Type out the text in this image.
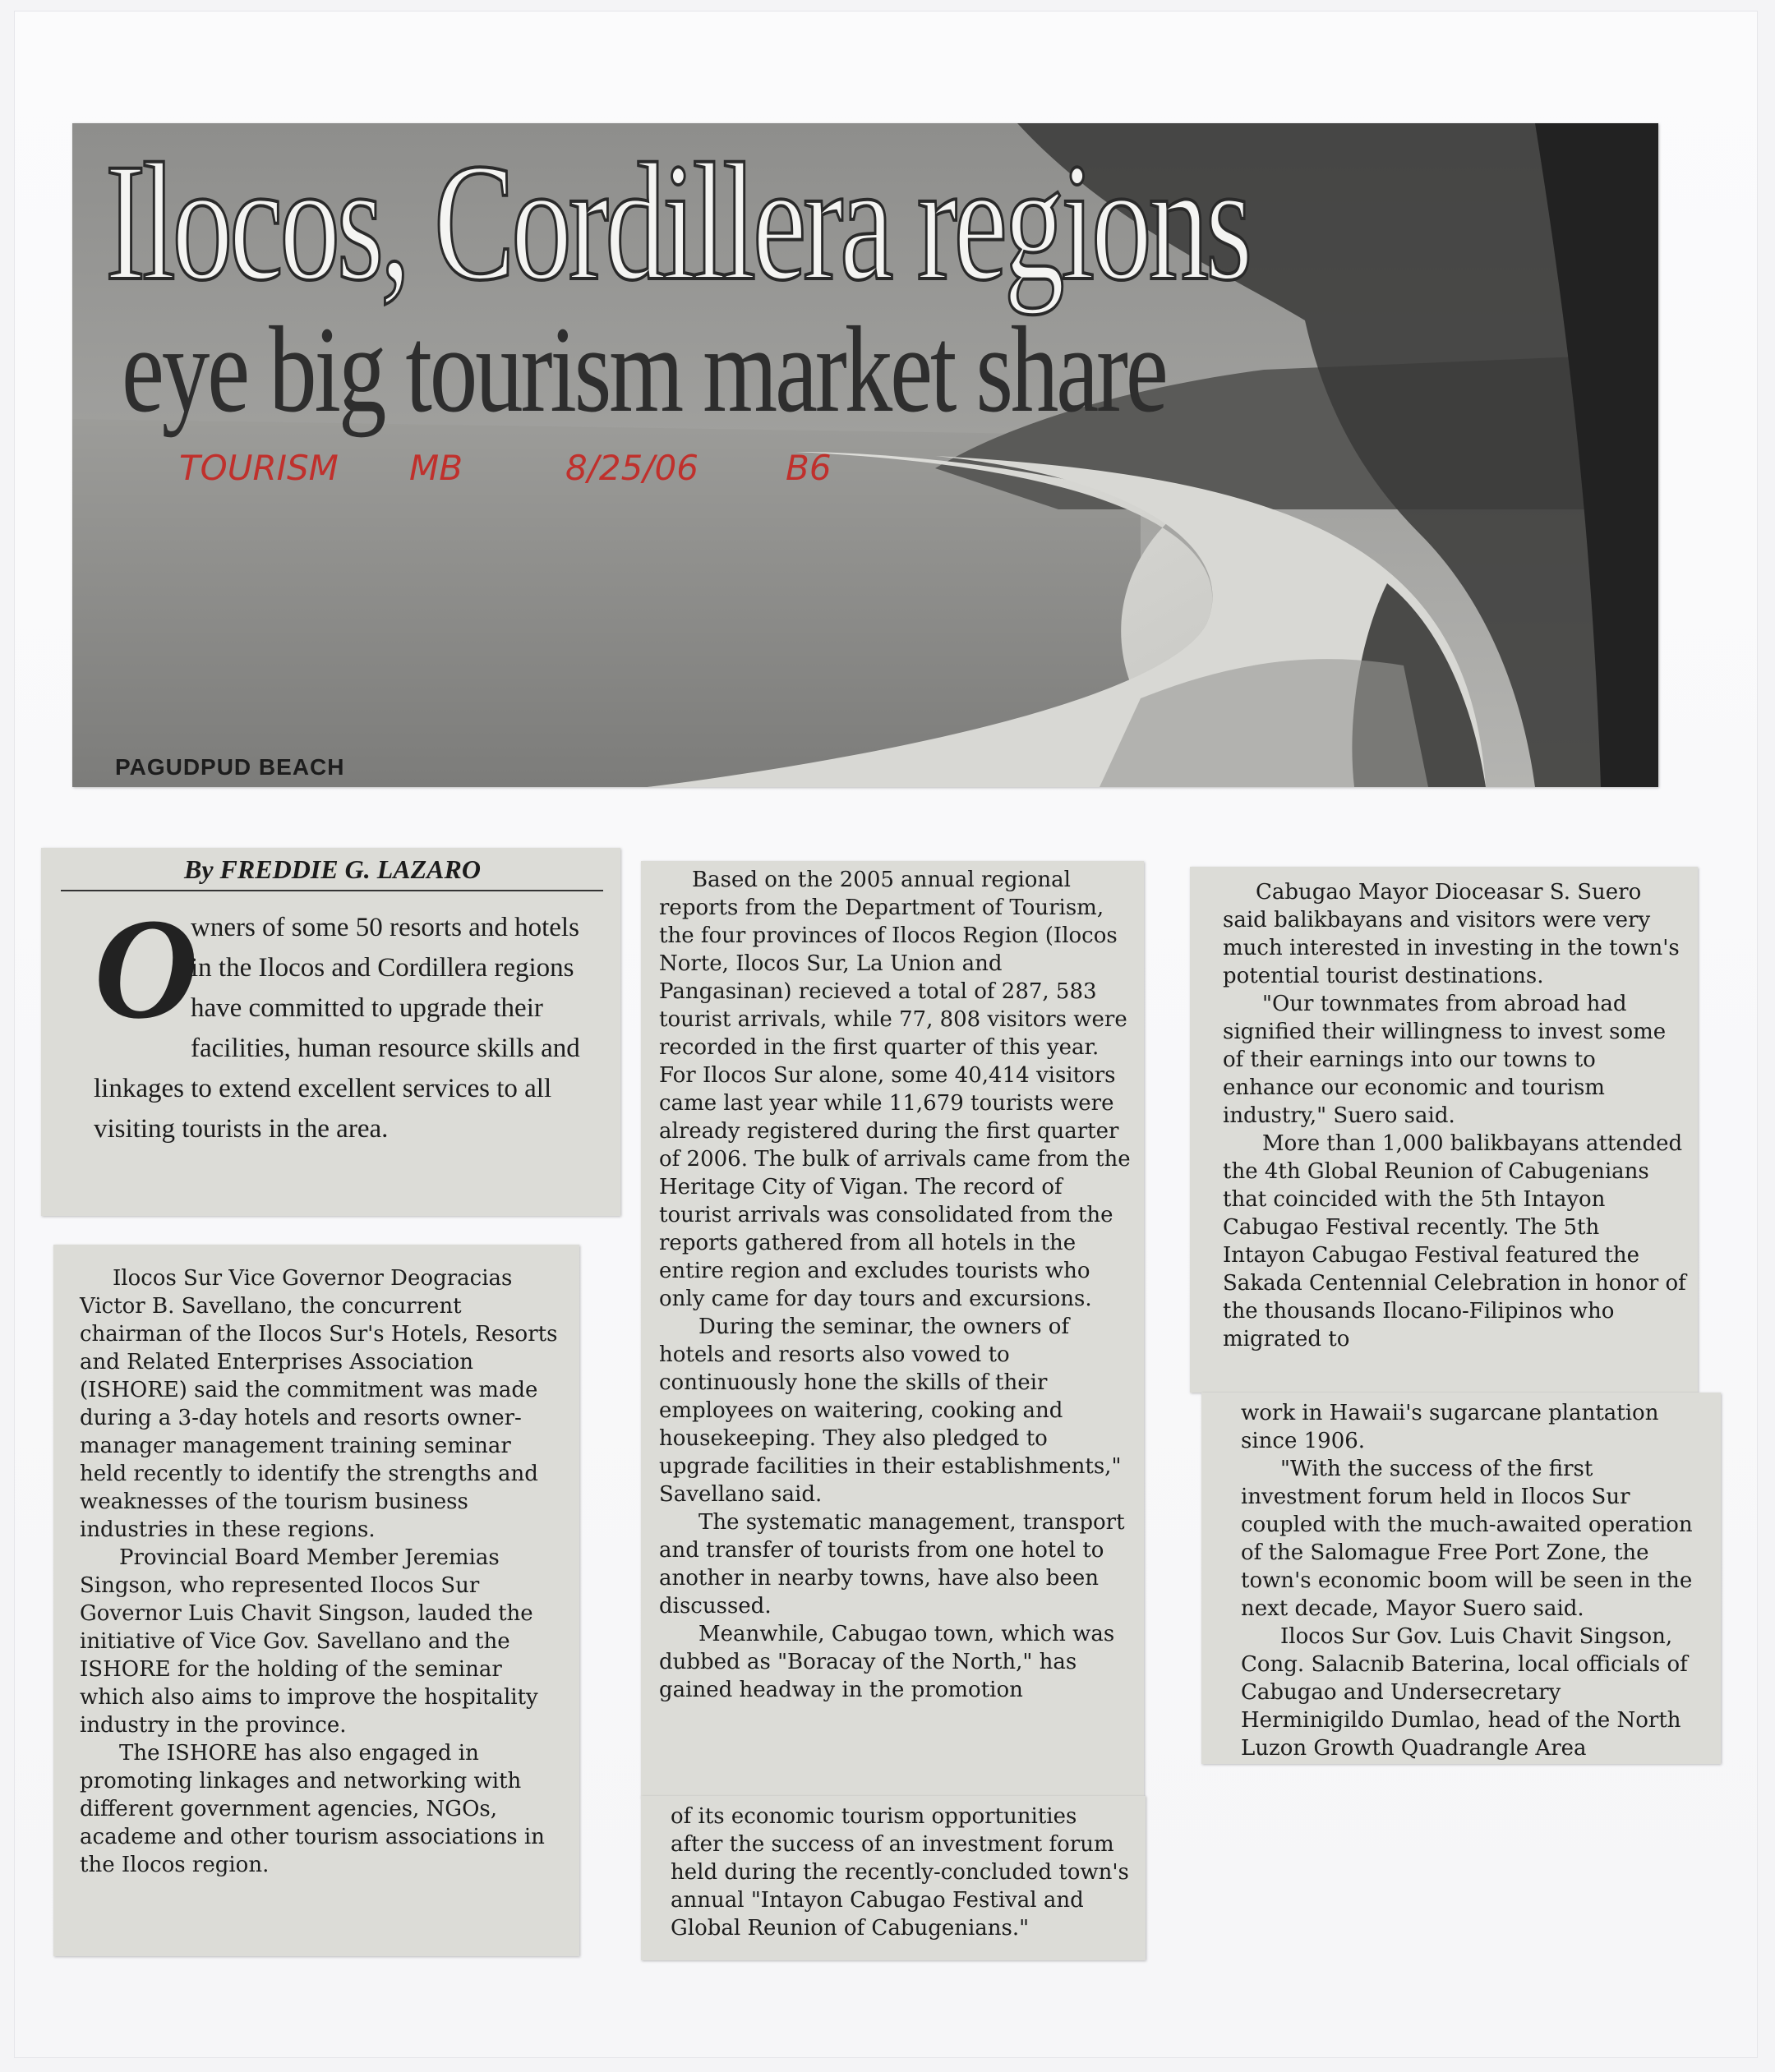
Ilocos, Cordillera regions
eye big tourism market share
TOURISM MB	8/25/06	B6
PAGUDPUD BEACH
By FREDDIE G. LAZARO
O
wners of some 50 resorts and hotels in the Ilocos and Cordillera regions have committed to upgrade their facilities, human resource skills and linkages to extend excellent services to all visiting tourists in the area.

Ilocos Sur Vice Governor Deogracias Victor B. Savellano, the concurrent chairman of the Ilocos Sur's Hotels, Resorts and Related Enterprises Association (ISHORE) said the commitment was made during a 3-day hotels and resorts owner-manager management training seminar held recently to identify the strengths and weaknesses of the tourism business industries in these regions.

Provincial Board Member Jeremias Singson, who represented Ilocos Sur Governor Luis Chavit Singson, lauded the initiative of Vice Gov. Savellano and the ISHORE for the holding of the seminar which also aims to improve the hospitality industry in the province.

The ISHORE has also engaged in promoting linkages and networking with different government agencies, NGOs, academe and other tourism associations in the Ilocos region.

Based on the 2005 annual regional reports from the Department of Tourism, the four provinces of Ilocos Region (Ilocos Norte, Ilocos Sur, La Union and Pangasinan) recieved a total of 287, 583 tourist arrivals, while 77, 808 visitors were recorded in the first quarter of this year. For Ilocos Sur alone, some 40,414 visitors came last year while 11,679 tourists were already registered during the first quarter of 2006. The bulk of arrivals came from the Heritage City of Vigan. The record of tourist arrivals was consolidated from the reports gathered from all hotels in the entire region and excludes tourists who only came for day tours and excursions.

During the seminar, the owners of hotels and resorts also vowed to continuously hone the skills of their employees on waitering, cooking and housekeeping. They also pledged to upgrade facilities in their establishments," Savellano said.

The systematic management, transport and transfer of tourists from one hotel to another in nearby towns, have also been discussed.

Meanwhile, Cabugao town, which was dubbed as "Boracay of the North," has gained headway in the promotion

of its economic tourism opportunities after the success of an investment forum held during the recently-concluded town's annual "Intayon Cabugao Festival and Global Reunion of Cabugenians."

Cabugao Mayor Dioceasar S. Suero said balikbayans and visitors were very much interested in investing in the town's potential tourist destinations.

"Our townmates from abroad had signified their willingness to invest some of their earnings into our towns to enhance our economic and tourism industry," Suero said.

More than 1,000 balikbayans attended the 4th Global Reunion of Cabugenians that coincided with the 5th Intayon Cabugao Festival recently. The 5th Intayon Cabugao Festival featured the Sakada Centennial Celebration in honor of the thousands Ilocano-Filipinos who migrated to

work in Hawaii's sugarcane plantation since 1906.

"With the success of the first investment forum held in Ilocos Sur coupled with the much-awaited operation of the Salomague Free Port Zone, the town's economic boom will be seen in the next decade, Mayor Suero said.

Ilocos Sur Gov. Luis Chavit Singson, Cong. Salacnib Baterina, local officials of Cabugao and Undersecretary Herminigildo Dumlao, head of the North Luzon Growth Quadrangle Area
